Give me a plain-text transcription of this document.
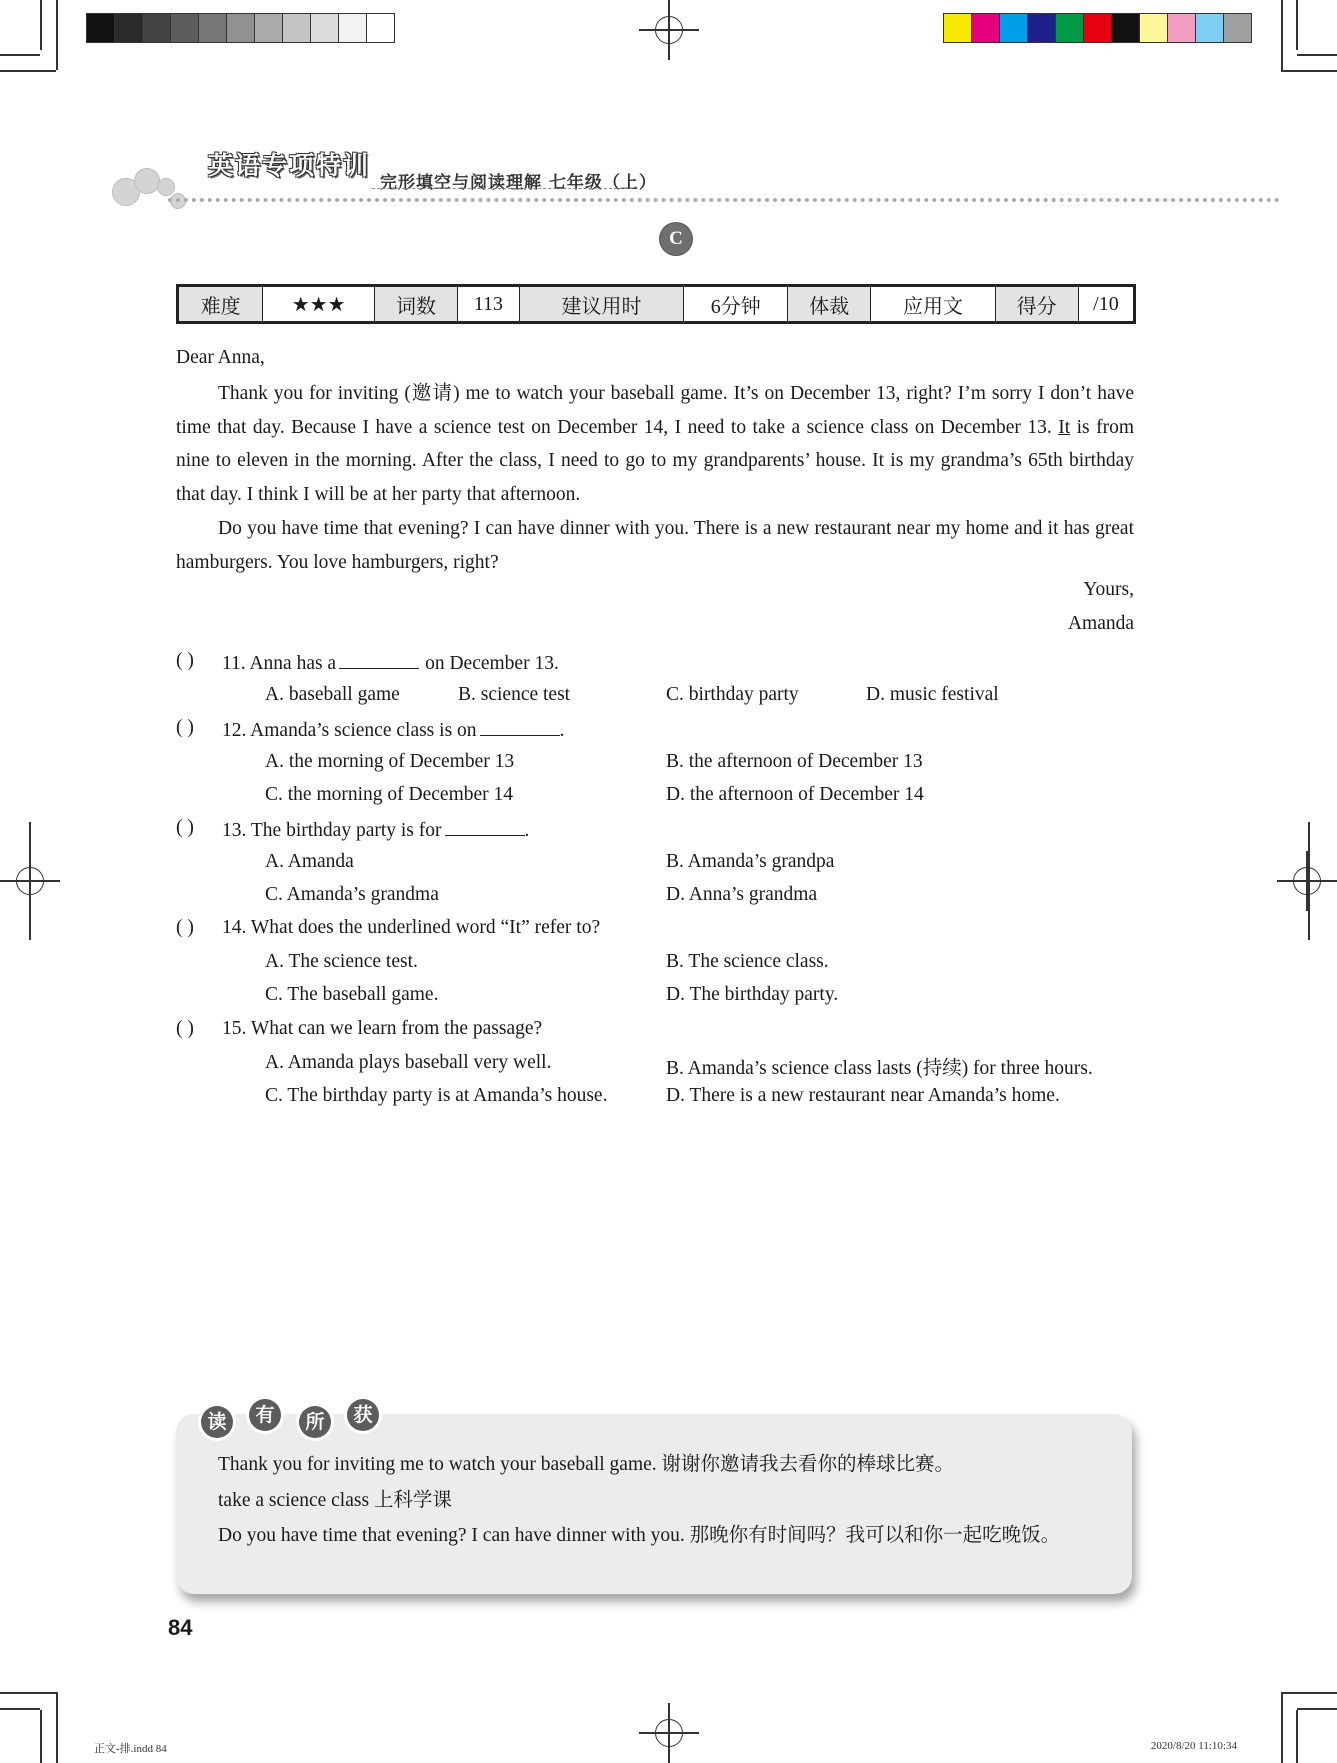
英语专项特训
完形填空与阅读理解 七年级（上）
C
难度	★★★	词数	113	建议用时	6分钟	体裁	应用文	得分	/10
Dear Anna,
Thank you for inviting (邀请) me to watch your baseball game. It’s on December 13, right? I’m sorry I don’t have time that day. Because I have a science test on December 14, I need to take a science class on December 13. It is from nine to eleven in the morning. After the class, I need to go to my grandparents’ house. It is my grandma’s 65th birthday that day. I think I will be at her party that afternoon.
Do you have time that evening? I can have dinner with you. There is a new restaurant near my home and it has great hamburgers. You love hamburgers, right?
Yours,
Amanda
( ) 11. Anna has a	on December 13.
A. baseball game	B. science test	C. birthday party	D. music festival
( ) 12. Amanda’s science class is on	.
A. the morning of December 13	B. the afternoon of December 13
C. the morning of December 14	D. the afternoon of December 14
( ) 13. The birthday party is for	.
A. Amanda	B. Amanda’s grandpa
C. Amanda’s grandma	D. Anna’s grandma
( ) 14. What does the underlined word “It” refer to?
A. The science test.	B. The science class.
C. The baseball game.	D. The birthday party.
( ) 15. What can we learn from the passage?
A. Amanda plays baseball very well.	B. Amanda’s science class lasts (持续) for three hours.
C. The birthday party is at Amanda’s house.	D. There is a new restaurant near Amanda’s home.
读	有	所	获
Thank you for inviting me to watch your baseball game. 谢谢你邀请我去看你的棒球比赛。
take a science class 上科学课
Do you have time that evening? I can have dinner with you. 那晚你有时间吗？我可以和你一起吃晚饭。
84
正文-排.indd 84	2020/8/20 11:10:34
